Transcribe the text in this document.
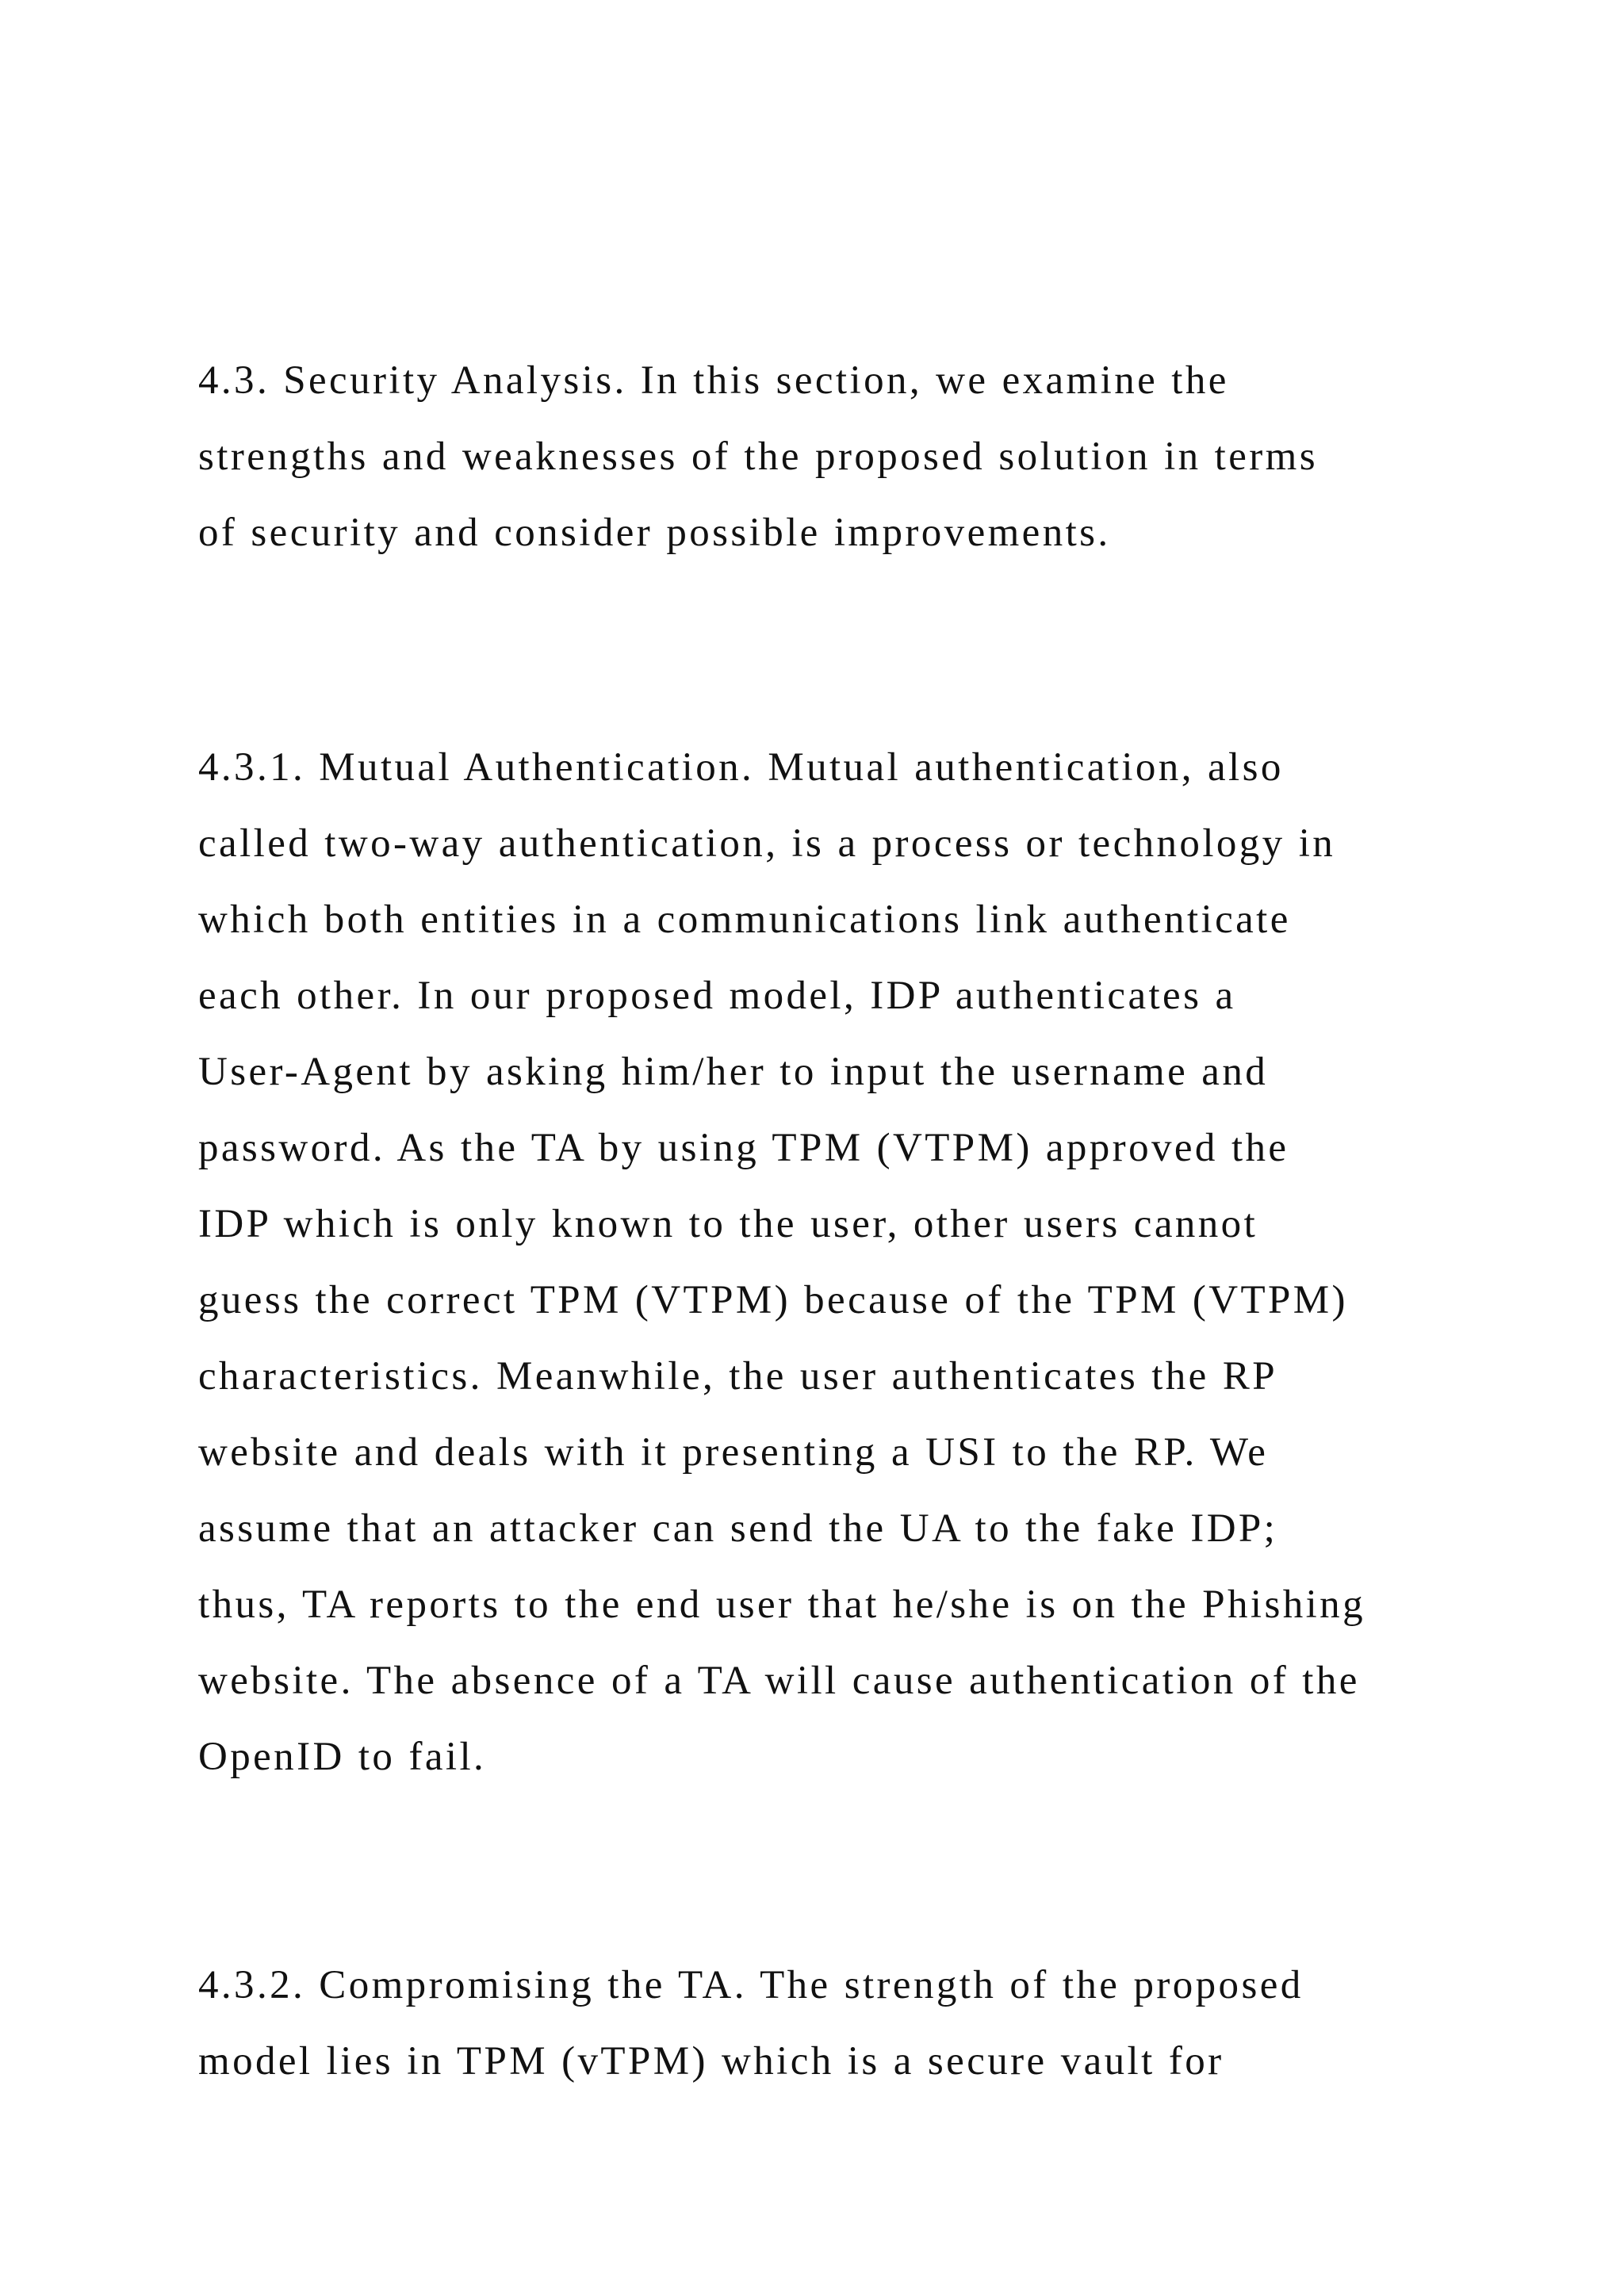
4.3. Security Analysis. In this section, we examine the
strengths and weaknesses of the proposed solution in terms
of security and consider possible improvements.

4.3.1. Mutual Authentication. Mutual authentication, also
called two-way authentication, is a process or technology in
which both entities in a communications link authenticate
each other. In our proposed model, IDP authenticates a
User-Agent by asking him/her to input the username and
password. As the TA by using TPM (VTPM) approved the
IDP which is only known to the user, other users cannot
guess the correct TPM (VTPM) because of the TPM (VTPM)
characteristics. Meanwhile, the user authenticates the RP
website and deals with it presenting a USI to the RP. We
assume that an attacker can send the UA to the fake IDP;
thus, TA reports to the end user that he/she is on the Phishing
website. The absence of a TA will cause authentication of the
OpenID to fail.

4.3.2. Compromising the TA. The strength of the proposed
model lies in TPM (vTPM) which is a secure vault for
